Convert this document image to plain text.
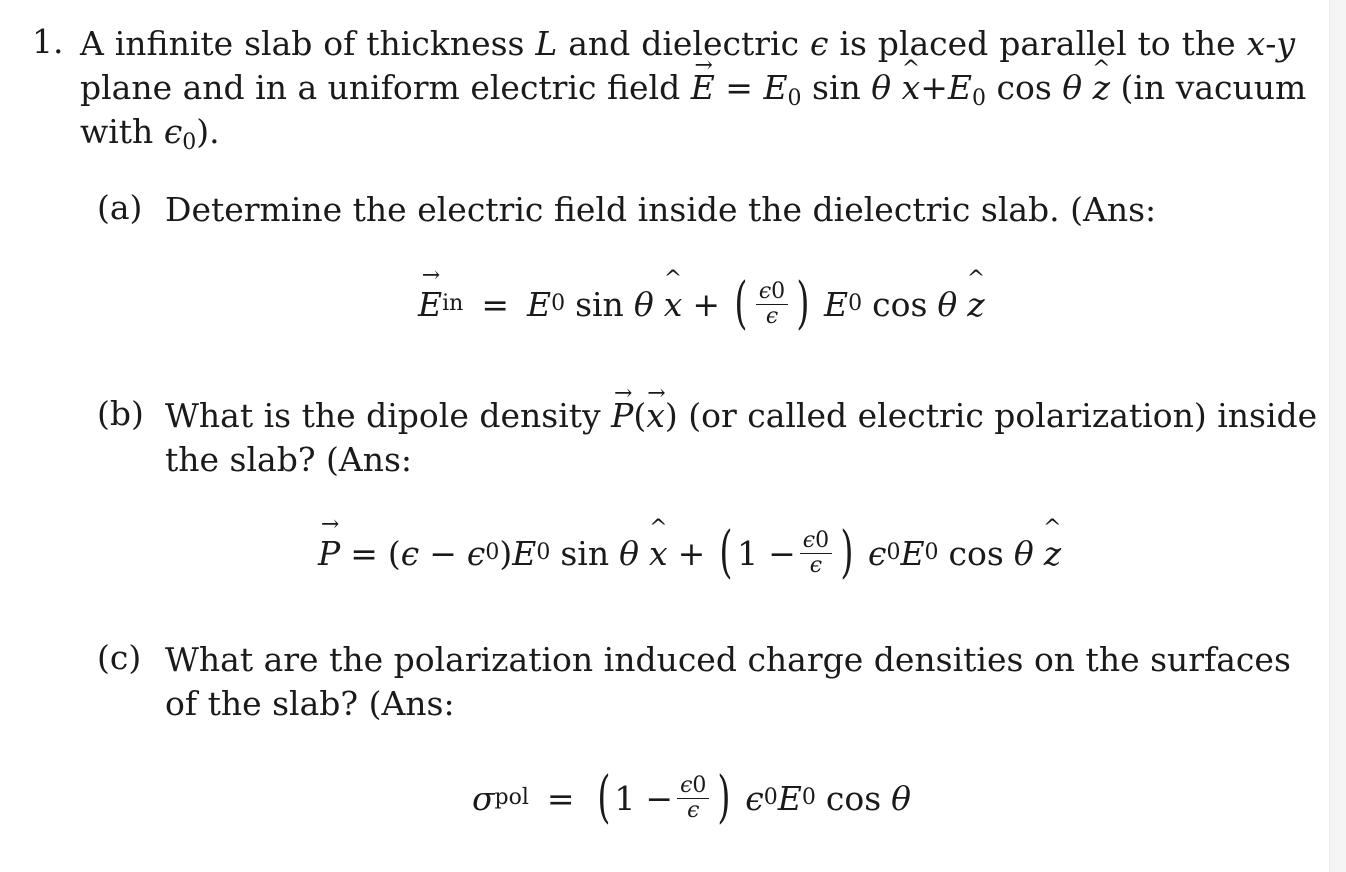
1. A infinite slab of thickness L and dielectric ϵ is placed parallel to the x-y
plane and in a uniform electric field E → = $E_0$ sin θ x $\^{}+E_0$ cos θ z ^ (in vacuum
with $\epsilon_0$).
(a) Determine the electric field inside the dielectric slab. (Ans:
E → in = E 0 sin θ x ^ + ( $\frac{\epsilon 0}{\epsilon}$ ) E 0 cos θ z ^
(b) What is the dipole density P →(x →) (or called electric polarization) inside
the slab? (Ans:
P → = ( ϵ − ϵ 0 ) E 0 sin θ x ^ + ( $1 - \frac{\epsilon 0}{\epsilon}$ ) ϵ 0 E 0 cos θ z ^
(c) What are the polarization induced charge densities on the surfaces
of the slab? (Ans:
σ pol = ( $1 - \frac{\epsilon 0}{\epsilon}$ ) ϵ 0 E 0 cos θ
